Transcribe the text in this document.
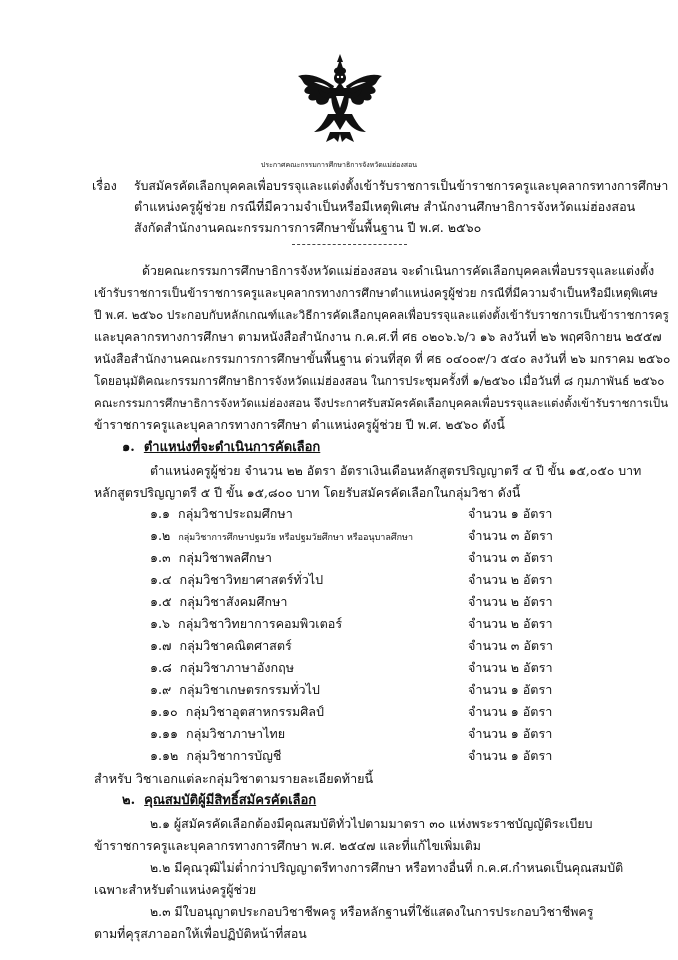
ประกาศคณะกรรมการศึกษาธิการจังหวัดแม่ฮ่องสอน
เรื่อง รับสมัครคัดเลือกบุคคลเพื่อบรรจุและแต่งตั้งเข้ารับราชการเป็นข้าราชการครูและบุคลากรทางการศึกษา
ตำแหน่งครูผู้ช่วย กรณีที่มีความจำเป็นหรือมีเหตุพิเศษ สำนักงานศึกษาธิการจังหวัดแม่ฮ่องสอน
สังกัดสำนักงานคณะกรรมการการศึกษาขั้นพื้นฐาน ปี พ.ศ. ๒๕๖๐
ด้วยคณะกรรมการศึกษาธิการจังหวัดแม่ฮ่องสอน จะดำเนินการคัดเลือกบุคคลเพื่อบรรจุและแต่งตั้ง
เข้ารับราชการเป็นข้าราชการครูและบุคลากรทางการศึกษาตำแหน่งครูผู้ช่วย กรณีที่มีความจำเป็นหรือมีเหตุพิเศษ
ปี พ.ศ. ๒๕๖๐ ประกอบกับหลักเกณฑ์และวิธีการคัดเลือกบุคคลเพื่อบรรจุและแต่งตั้งเข้ารับราชการเป็นข้าราชการครู
และบุคลากรทางการศึกษา ตามหนังสือสำนักงาน ก.ค.ศ.ที่ ศธ ๐๒๐๖.๖/ว ๑๖ ลงวันที่ ๒๖ พฤศจิกายน ๒๕๕๗
หนังสือสำนักงานคณะกรรมการการศึกษาขั้นพื้นฐาน ด่วนที่สุด ที่ ศธ ๐๔๐๐๙/ว ๕๔๐ ลงวันที่ ๒๖ มกราคม ๒๕๖๐
โดยอนุมัติคณะกรรมการศึกษาธิการจังหวัดแม่ฮ่องสอน ในการประชุมครั้งที่ ๑/๒๕๖๐ เมื่อวันที่ ๘ กุมภาพันธ์ ๒๕๖๐
คณะกรรมการศึกษาธิการจังหวัดแม่ฮ่องสอน จึงประกาศรับสมัครคัดเลือกบุคคลเพื่อบรรจุและแต่งตั้งเข้ารับราชการเป็น
ข้าราชการครูและบุคลากรทางการศึกษา ตำแหน่งครูผู้ช่วย ปี พ.ศ. ๒๕๖๐ ดังนี้
๑. ตำแหน่งที่จะดำเนินการคัดเลือก
ตำแหน่งครูผู้ช่วย จำนวน ๒๒ อัตรา อัตราเงินเดือนหลักสูตรปริญญาตรี ๔ ปี ขั้น ๑๕,๐๕๐ บาท
หลักสูตรปริญญาตรี ๕ ปี ขั้น ๑๕,๘๐๐ บาท โดยรับสมัครคัดเลือกในกลุ่มวิชา ดังนี้
๑.๑ กลุ่มวิชาประถมศึกษา	จำนวน ๑ อัตรา
๑.๒ กลุ่มวิชาการศึกษาปฐมวัย หรือปฐมวัยศึกษา หรืออนุบาลศึกษา	จำนวน ๓ อัตรา
๑.๓ กลุ่มวิชาพลศึกษา	จำนวน ๓ อัตรา
๑.๔ กลุ่มวิชาวิทยาศาสตร์ทั่วไป	จำนวน ๒ อัตรา
๑.๕ กลุ่มวิชาสังคมศึกษา	จำนวน ๒ อัตรา
๑.๖ กลุ่มวิชาวิทยาการคอมพิวเตอร์	จำนวน ๒ อัตรา
๑.๗ กลุ่มวิชาคณิตศาสตร์	จำนวน ๓ อัตรา
๑.๘ กลุ่มวิชาภาษาอังกฤษ	จำนวน ๒ อัตรา
๑.๙ กลุ่มวิชาเกษตรกรรมทั่วไป	จำนวน ๑ อัตรา
๑.๑๐ กลุ่มวิชาอุตสาหกรรมศิลป์	จำนวน ๑ อัตรา
๑.๑๑ กลุ่มวิชาภาษาไทย	จำนวน ๑ อัตรา
๑.๑๒ กลุ่มวิชาการบัญชี	จำนวน ๑ อัตรา
สำหรับ วิชาเอกแต่ละกลุ่มวิชาตามรายละเอียดท้ายนี้
๒. คุณสมบัติผู้มีสิทธิ์สมัครคัดเลือก
๒.๑ ผู้สมัครคัดเลือกต้องมีคุณสมบัติทั่วไปตามมาตรา ๓๐ แห่งพระราชบัญญัติระเบียบ
ข้าราชการครูและบุคลากรทางการศึกษา พ.ศ. ๒๕๔๗ และที่แก้ไขเพิ่มเติม
๒.๒ มีคุณวุฒิไม่ต่ำกว่าปริญญาตรีทางการศึกษา หรือทางอื่นที่ ก.ค.ศ.กำหนดเป็นคุณสมบัติ
เฉพาะสำหรับตำแหน่งครูผู้ช่วย
๒.๓ มีใบอนุญาตประกอบวิชาชีพครู หรือหลักฐานที่ใช้แสดงในการประกอบวิชาชีพครู
ตามที่คุรุสภาออกให้เพื่อปฏิบัติหน้าที่สอน
